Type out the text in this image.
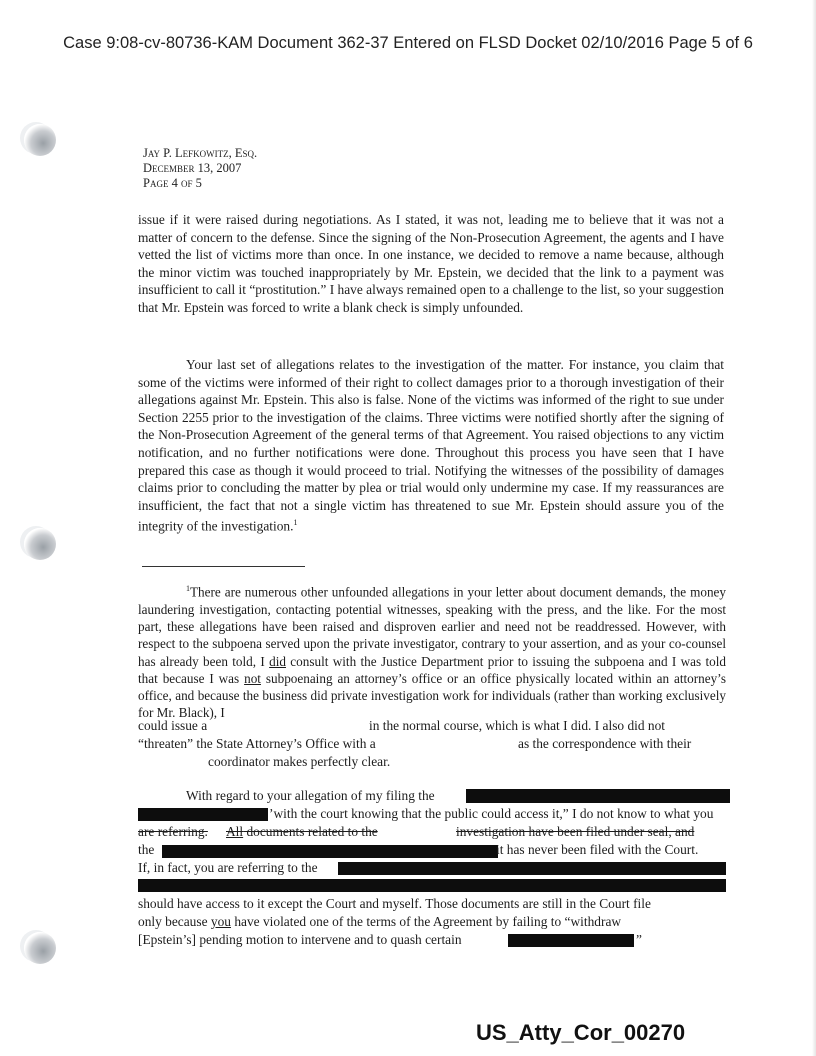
Case 9:08-cv-80736-KAM Document 362-37 Entered on FLSD Docket 02/10/2016 Page 5 of 6
Jay P. Lefkowitz, Esq.
December 13, 2007
Page 4 of 5

issue if it were raised during negotiations. As I stated, it was not, leading me to believe that it was not a matter of concern to the defense. Since the signing of the Non-Prosecution Agreement, the agents and I have vetted the list of victims more than once. In one instance, we decided to remove a name because, although the minor victim was touched inappropriately by Mr. Epstein, we decided that the link to a payment was insufficient to call it “prostitution.” I have always remained open to a challenge to the list, so your suggestion that Mr. Epstein was forced to write a blank check is simply unfounded.

Your last set of allegations relates to the investigation of the matter. For instance, you claim that some of the victims were informed of their right to collect damages prior to a thorough investigation of their allegations against Mr. Epstein. This also is false. None of the victims was informed of the right to sue under Section 2255 prior to the investigation of the claims. Three victims were notified shortly after the signing of the Non-Prosecution Agreement of the general terms of that Agreement. You raised objections to any victim notification, and no further notifications were done. Throughout this process you have seen that I have prepared this case as though it would proceed to trial. Notifying the witnesses of the possibility of damages claims prior to concluding the matter by plea or trial would only undermine my case. If my reassurances are insufficient, the fact that not a single victim has threatened to sue Mr. Epstein should assure you of the integrity of the investigation.$^1$

$^1$There are numerous other unfounded allegations in your letter about document demands, the money laundering investigation, contacting potential witnesses, speaking with the press, and the like. For the most part, these allegations have been raised and disproven earlier and need not be readdressed. However, with respect to the subpoena served upon the private investigator, contrary to your assertion, and as your co-counsel has already been told, I did consult with the Justice Department prior to issuing the subpoena and I was told that because I was not subpoenaing an attorney’s office or an office physically located within an attorney’s office, and because the business did private investigation work for individuals (rather than working exclusively for Mr. Black), I

could issue a	in the normal course, which is what I did. I also did not
“threaten” the State Attorney’s Office with a	as the correspondence with their
coordinator makes perfectly clear.
With regard to your allegation of my filing the
’with the court knowing that the public could access it,” I do not know to what you
are referring. All documents related to the	investigation have been filed under seal, and
the	it has never been filed with the Court.
If, in fact, you are referring to the
should have access to it except the Court and myself. Those documents are still in the Court file
only because you have violated one of the terms of the Agreement by failing to “withdraw
[Epstein’s] pending motion to intervene and to quash certain	”
US_Atty_Cor_00270
